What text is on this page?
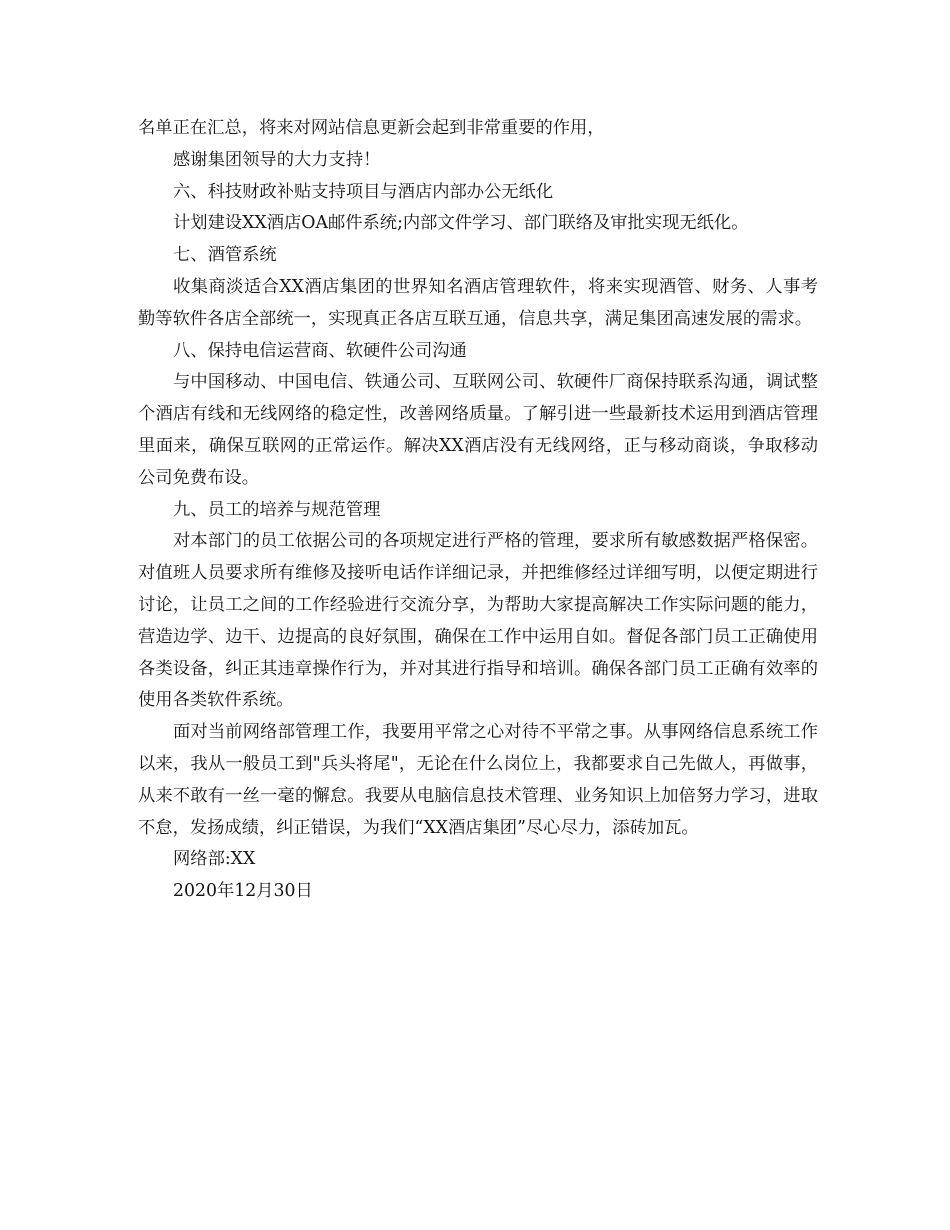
名单正在汇总，将来对网站信息更新会起到非常重要的作用，

感谢集团领导的大力支持！

六、科技财政补贴支持项目与酒店内部办公无纸化

计划建设XX酒店OA邮件系统;内部文件学习、部门联络及审批实现无纸化。

七、酒管系统

收集商淡适合XX酒店集团的世界知名酒店管理软件，将来实现酒管、财务、人事考勤等软件各店全部统一，实现真正各店互联互通，信息共享，满足集团高速发展的需求。

八、保持电信运营商、软硬件公司沟通

与中国移动、中国电信、铁通公司、互联网公司、软硬件厂商保持联系沟通，调试整个酒店有线和无线网络的稳定性，改善网络质量。了解引进一些最新技术运用到酒店管理里面来，确保互联网的正常运作。解决XX酒店没有无线网络，正与移动商谈，争取移动公司免费布设。

九、员工的培养与规范管理

对本部门的员工依据公司的各项规定进行严格的管理，要求所有敏感数据严格保密。对值班人员要求所有维修及接听电话作详细记录，并把维修经过详细写明，以便定期进行讨论，让员工之间的工作经验进行交流分享，为帮助大家提高解决工作实际问题的能力，营造边学、边干、边提高的良好氛围，确保在工作中运用自如。督促各部门员工正确使用各类设备，纠正其违章操作行为，并对其进行指导和培训。确保各部门员工正确有效率的使用各类软件系统。

面对当前网络部管理工作，我要用平常之心对待不平常之事。从事网络信息系统工作以来，我从一般员工到"兵头将尾"，无论在什么岗位上，我都要求自己先做人，再做事，从来不敢有一丝一毫的懈怠。我要从电脑信息技术管理、业务知识上加倍努力学习，进取不怠，发扬成绩，纠正错误，为我们“XX酒店集团”尽心尽力，添砖加瓦。

网络部:XX

2020年12月30日
